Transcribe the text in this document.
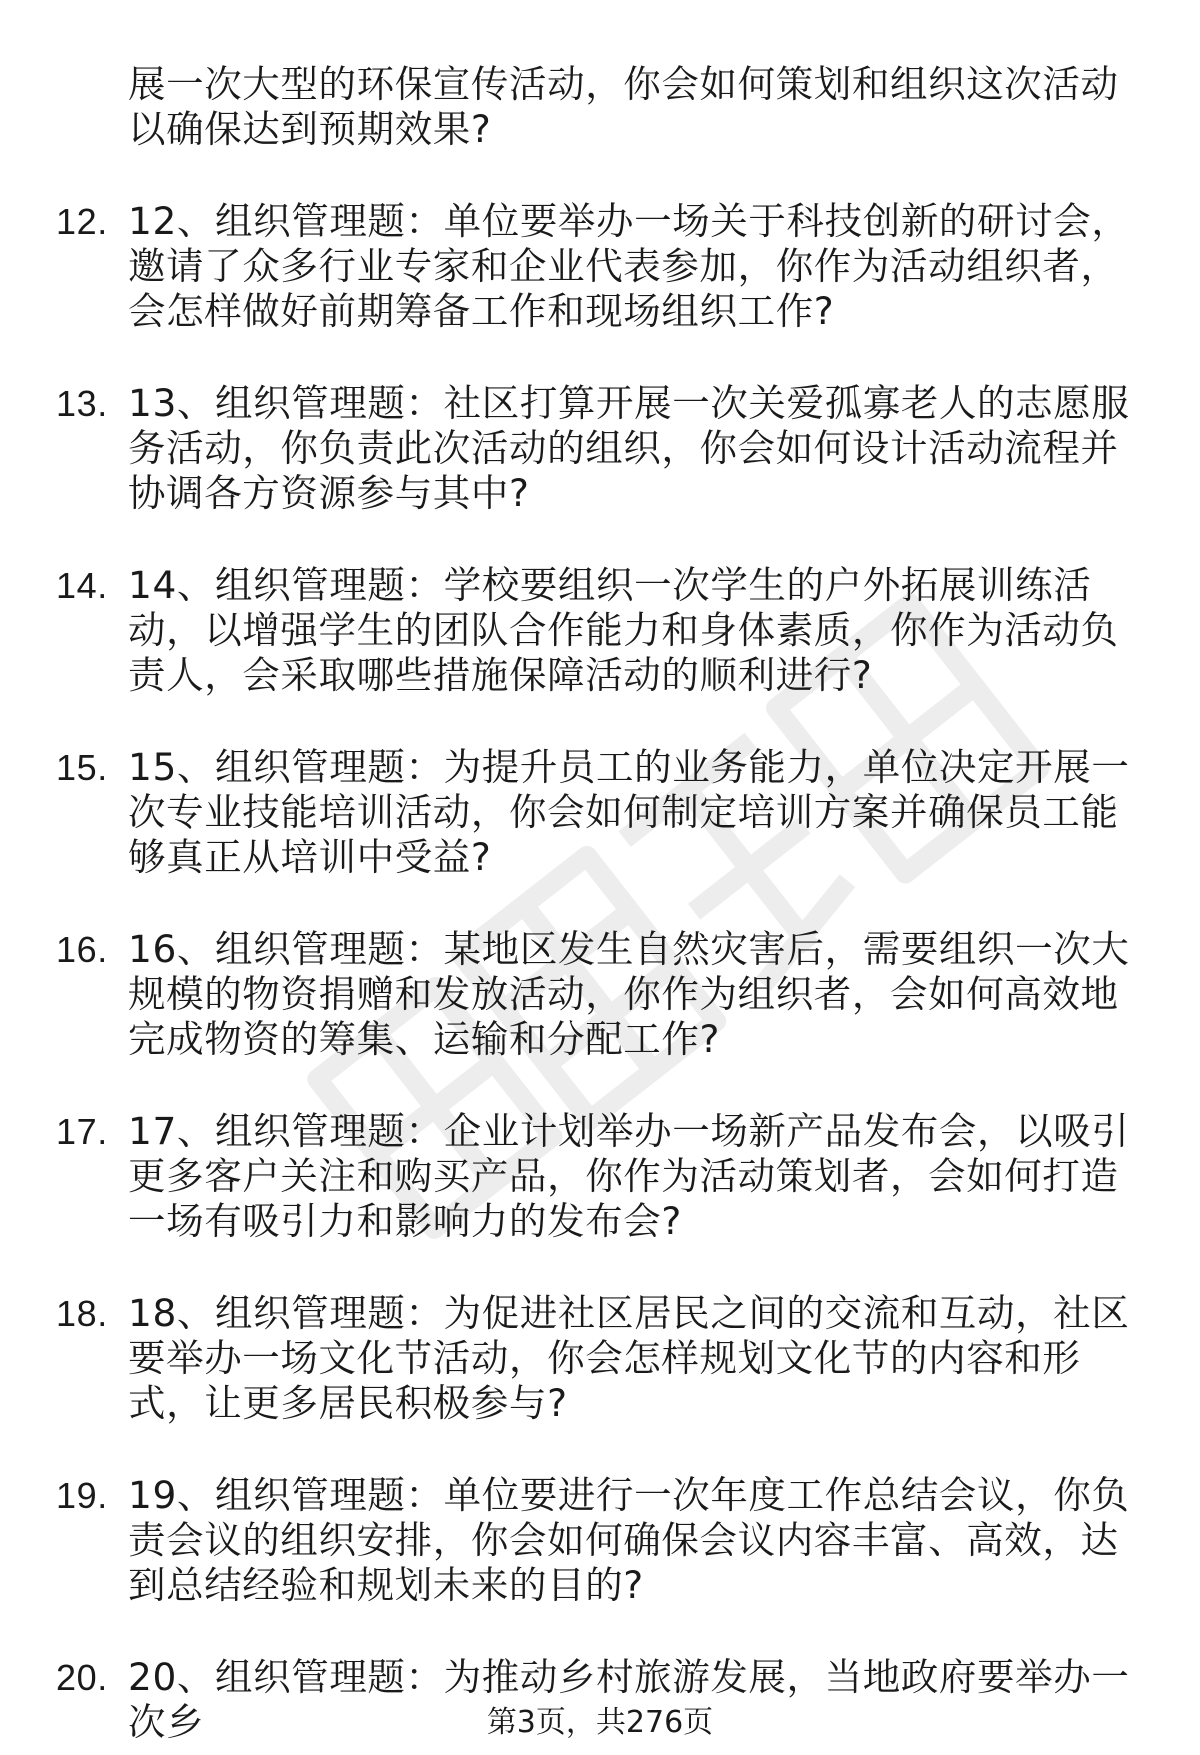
展一次大型的环保宣传活动，你会如何策划和组织这次活动以确保达到预期效果?
12. 12、组织管理题：单位要举办一场关于科技创新的研讨会，邀请了众多行业专家和企业代表参加，你作为活动组织者，会怎样做好前期筹备工作和现场组织工作?
13. 13、组织管理题：社区打算开展一次关爱孤寡老人的志愿服务活动，你负责此次活动的组织，你会如何设计活动流程并协调各方资源参与其中?
14. 14、组织管理题：学校要组织一次学生的户外拓展训练活动，以增强学生的团队合作能力和身体素质，你作为活动负责人，会采取哪些措施保障活动的顺利进行?
15. 15、组织管理题：为提升员工的业务能力，单位决定开展一次专业技能培训活动，你会如何制定培训方案并确保员工能够真正从培训中受益?
16. 16、组织管理题：某地区发生自然灾害后，需要组织一次大规模的物资捐赠和发放活动，你作为组织者，会如何高效地完成物资的筹集、运输和分配工作?
17. 17、组织管理题：企业计划举办一场新产品发布会，以吸引更多客户关注和购买产品，你作为活动策划者，会如何打造一场有吸引力和影响力的发布会?
18. 18、组织管理题：为促进社区居民之间的交流和互动，社区要举办一场文化节活动，你会怎样规划文化节的内容和形式，让更多居民积极参与?
19. 19、组织管理题：单位要进行一次年度工作总结会议，你负责会议的组织安排，你会如何确保会议内容丰富、高效，达到总结经验和规划未来的目的?
20. 20、组织管理题：为推动乡村旅游发展，当地政府要举办一次乡	第3页，共276页
